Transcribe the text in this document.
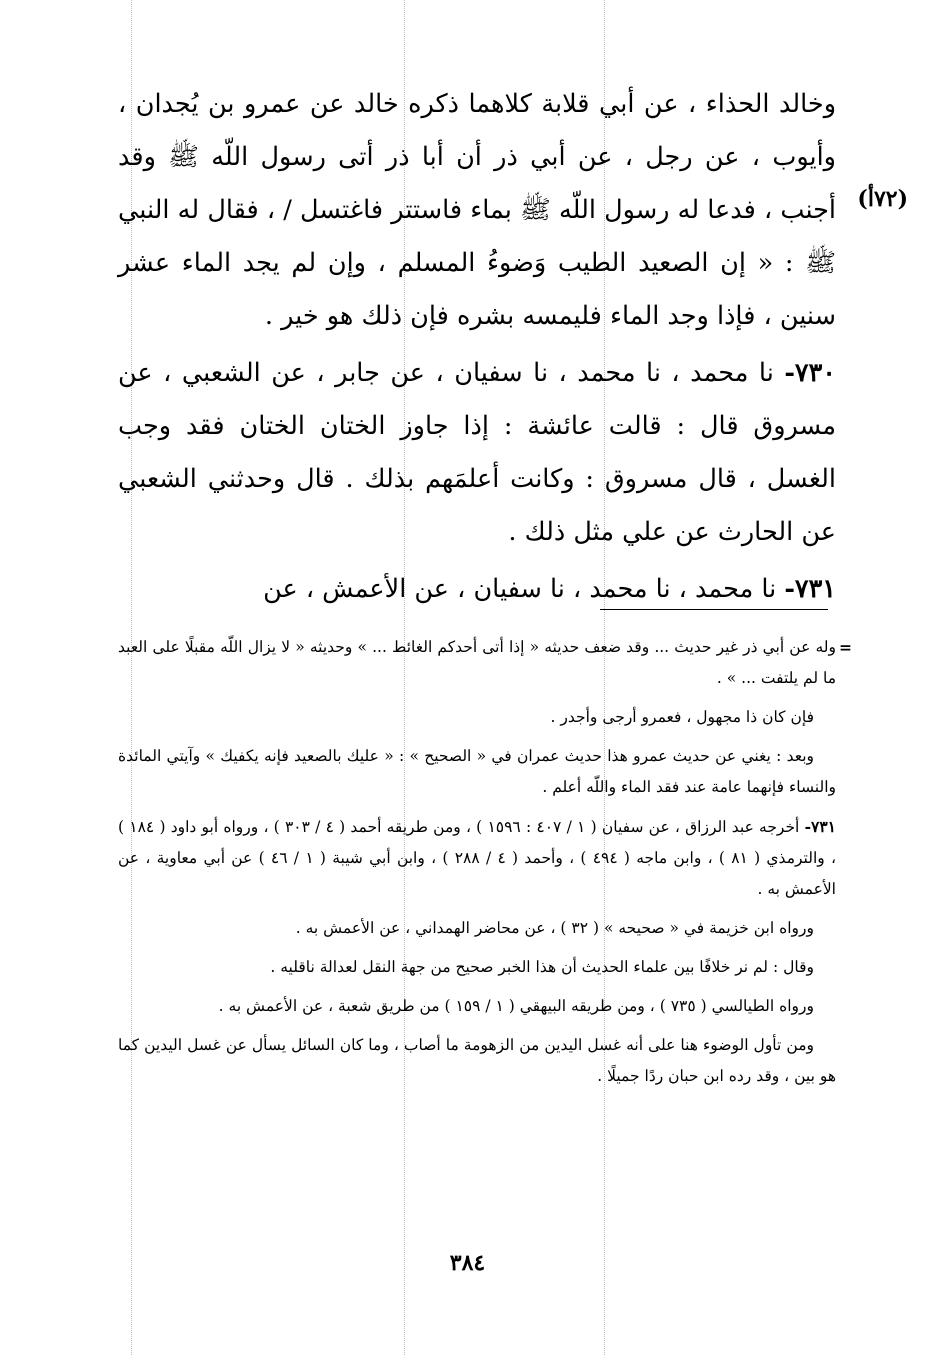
(٧٢أ)

وخالد الحذاء ، عن أبي قلابة كلاهما ذكره خالد عن عمرو بن يُجدان ، وأيوب ، عن رجل ، عن أبي ذر أن أبا ذر أتى رسول اللّه ﷺ وقد أجنب ، فدعا له رسول اللّه ﷺ بماء فاستتر فاغتسل / ، فقال له النبي ﷺ : « إن الصعيد الطيب وَضوءُ المسلم ، وإن لم يجد الماء عشر سنين ، فإذا وجد الماء فليمسه بشره فإن ذلك هو خير .

٧٣٠- نا محمد ، نا محمد ، نا سفيان ، عن جابر ، عن الشعبي ، عن مسروق قال : قالت عائشة : إذا جاوز الختان الختان فقد وجب الغسل ، قال مسروق : وكانت أعلمَهم بذلك . قال وحدثني الشعبي عن الحارث عن علي مثل ذلك .

٧٣١- نا محمد ، نا محمد ، نا سفيان ، عن الأعمش ، عن

=
وله عن أبي ذر غير حديث ... وقد ضعف حديثه « إذا أتى أحدكم الغائط ... » وحديثه « لا يزال اللّه مقبلًا على العبد ما لم يلتفت ... » .

فإن كان ذا مجهول ، فعمرو أرجى وأجدر .

وبعد : يغني عن حديث عمرو هذا حديث عمران في « الصحيح » : « عليك بالصعيد فإنه يكفيك » وآيتي المائدة والنساء فإنهما عامة عند فقد الماء واللّه أعلم .

٧٣١- أخرجه عبد الرزاق ، عن سفيان ( ١ / ٤٠٧ : ١٥٩٦ ) ، ومن طريقه أحمد ( ٤ / ٣٠٣ ) ، ورواه أبو داود ( ١٨٤ ) ، والترمذي ( ٨١ ) ، وابن ماجه ( ٤٩٤ ) ، وأحمد ( ٤ / ٢٨٨ ) ، وابن أبي شيبة ( ١ / ٤٦ ) عن أبي معاوية ، عن الأعمش به .

ورواه ابن خزيمة في « صحيحه » ( ٣٢ ) ، عن محاضر الهمداني ، عن الأعمش به .

وقال : لم نر خلافًا بين علماء الحديث أن هذا الخبر صحيح من جهة النقل لعدالة ناقليه .

ورواه الطيالسي ( ٧٣٥ ) ، ومن طريقه البيهقي ( ١ / ١٥٩ ) من طريق شعبة ، عن الأعمش به .

ومن تأول الوضوء هنا على أنه غسل اليدين من الزهومة ما أصاب ، وما كان السائل يسأل عن غسل اليدين كما هو بين ، وقد رده ابن حبان ردًا جميلًا .

٣٨٤
